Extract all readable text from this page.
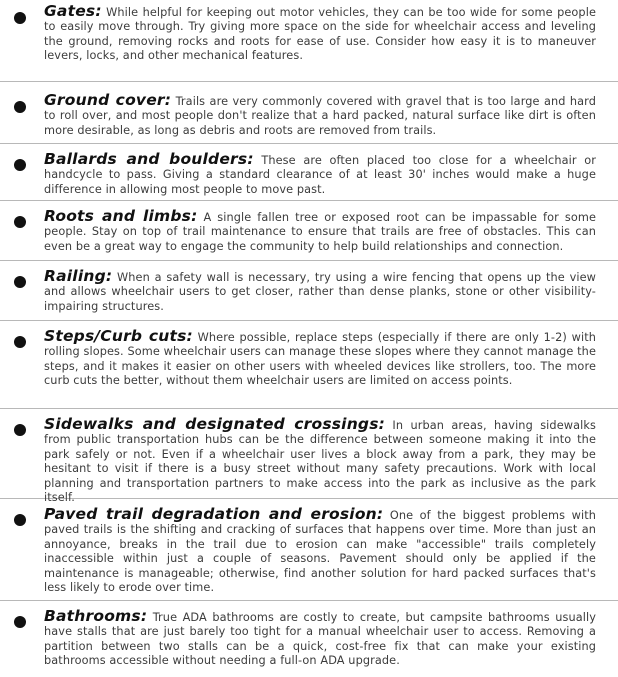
Gates: While helpful for keeping out motor vehicles, they can be too wide for some people to easily move through. Try giving more space on the side for wheelchair access and leveling the ground, removing rocks and roots for ease of use. Consider how easy it is to maneuver levers, locks, and other mechanical features.

Ground cover: Trails are very commonly covered with gravel that is too large and hard to roll over, and most people don't realize that a hard packed, natural surface like dirt is often more desirable, as long as debris and roots are removed from trails.

Ballards and boulders: These are often placed too close for a wheelchair or handcycle to pass. Giving a standard clearance of at least 30' inches would make a huge difference in allowing most people to move past.

Roots and limbs: A single fallen tree or exposed root can be impassable for some people. Stay on top of trail maintenance to ensure that trails are free of obstacles. This can even be a great way to engage the community to help build relationships and connection.

Railing: When a safety wall is necessary, try using a wire fencing that opens up the view and allows wheelchair users to get closer, rather than dense planks, stone or other visibility-impairing structures.

Steps/Curb cuts: Where possible, replace steps (especially if there are only 1-2) with rolling slopes. Some wheelchair users can manage these slopes where they cannot manage the steps, and it makes it easier on other users with wheeled devices like strollers, too. The more curb cuts the better, without them wheelchair users are limited on access points.

Sidewalks and designated crossings: In urban areas, having sidewalks from public transportation hubs can be the difference between someone making it into the park safely or not. Even if a wheelchair user lives a block away from a park, they may be hesitant to visit if there is a busy street without many safety precautions. Work with local planning and transportation partners to make access into the park as inclusive as the park itself.

Paved trail degradation and erosion: One of the biggest problems with paved trails is the shifting and cracking of surfaces that happens over time. More than just an annoyance, breaks in the trail due to erosion can make "accessible" trails completely inaccessible within just a couple of seasons. Pavement should only be applied if the maintenance is manageable; otherwise, find another solution for hard packed surfaces that's less likely to erode over time.

Bathrooms: True ADA bathrooms are costly to create, but campsite bathrooms usually have stalls that are just barely too tight for a manual wheelchair user to access. Removing a partition between two stalls can be a quick, cost-free fix that can make your existing bathrooms accessible without needing a full-on ADA upgrade.
